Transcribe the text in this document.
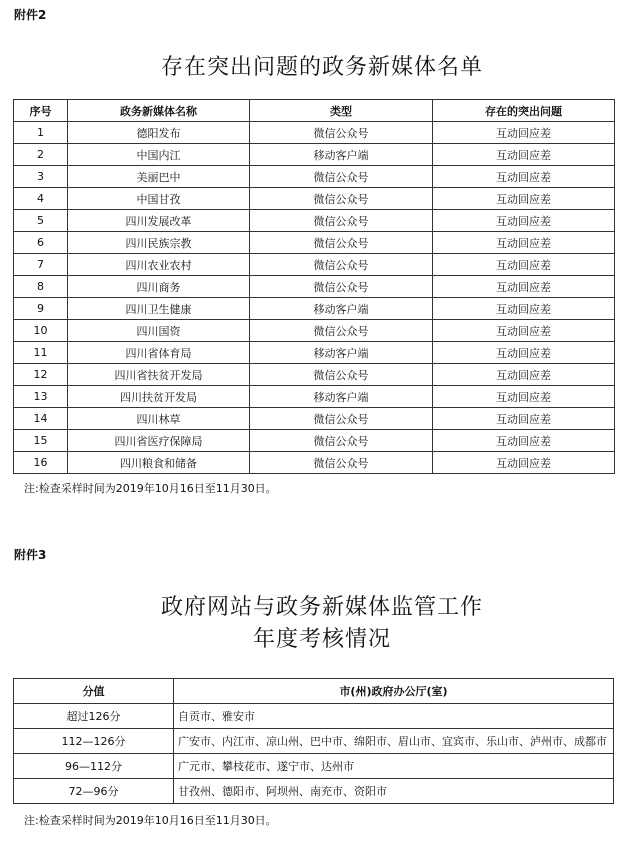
附件2
存在突出问题的政务新媒体名单
序号	政务新媒体名称	类型	存在的突出问题
1	德阳发布	微信公众号	互动回应差
2	中国内江	移动客户端	互动回应差
3	美丽巴中	微信公众号	互动回应差
4	中国甘孜	微信公众号	互动回应差
5	四川发展改革	微信公众号	互动回应差
6	四川民族宗教	微信公众号	互动回应差
7	四川农业农村	微信公众号	互动回应差
8	四川商务	微信公众号	互动回应差
9	四川卫生健康	移动客户端	互动回应差
10	四川国资	微信公众号	互动回应差
11	四川省体育局	移动客户端	互动回应差
12	四川省扶贫开发局	微信公众号	互动回应差
13	四川扶贫开发局	移动客户端	互动回应差
14	四川林草	微信公众号	互动回应差
15	四川省医疗保障局	微信公众号	互动回应差
16	四川粮食和储备	微信公众号	互动回应差
注:检查采样时间为2019年10月16日至11月30日。
附件3
政府网站与政务新媒体监管工作
年度考核情况
分值	市(州)政府办公厅(室)
超过126分	自贡市、雅安市
112—126分	广安市、内江市、凉山州、巴中市、绵阳市、眉山市、宜宾市、乐山市、泸州市、成都市
96—112分	广元市、攀枝花市、遂宁市、达州市
72—96分	甘孜州、德阳市、阿坝州、南充市、资阳市
注:检查采样时间为2019年10月16日至11月30日。
